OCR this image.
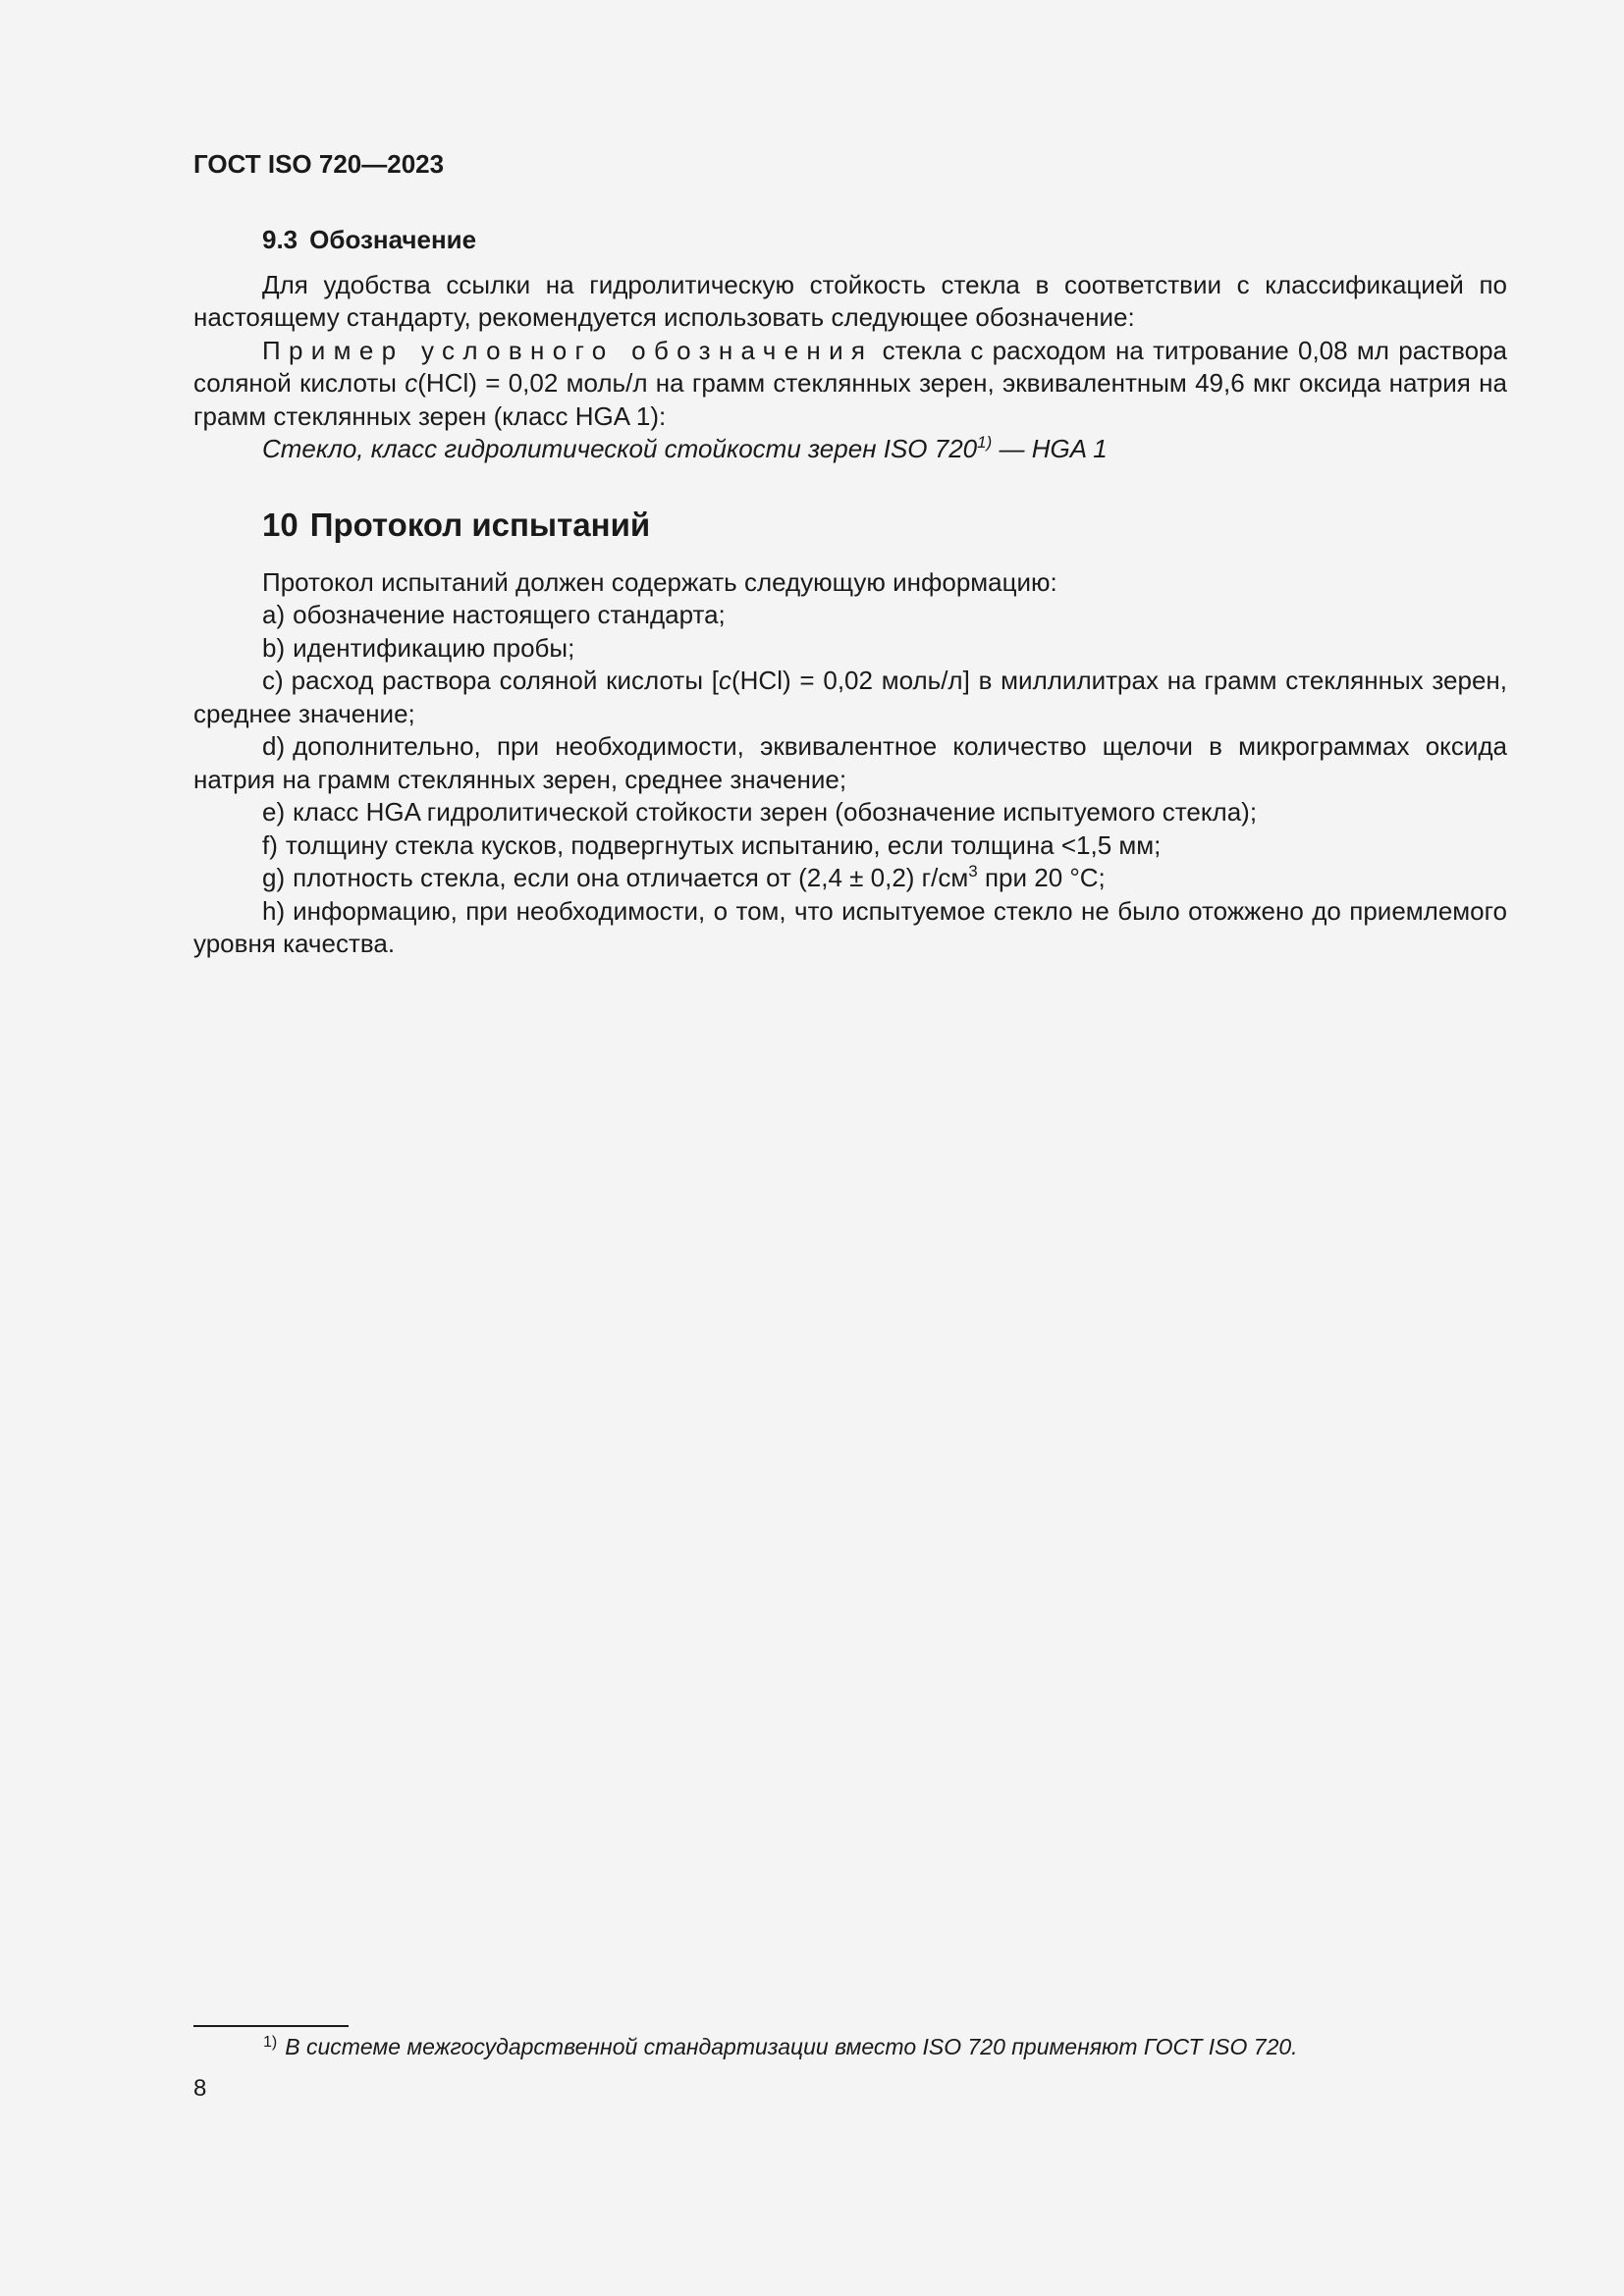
ГОСТ ISO 720—2023
9.3 Обозначение

Для удобства ссылки на гидролитическую стойкость стекла в соответствии с классификацией по настоящему стандарту, рекомендуется использовать следующее обозначение:

Пример условного обозначения стекла с расходом на титрование 0,08 мл раствора соляной кислоты c(HCl) = 0,02 моль/л на грамм стеклянных зерен, эквивалентным 49,6 мкг оксида натрия на грамм стеклянных зерен (класс HGA 1):

Стекло, класс гидролитической стойкости зерен ISO 720$^{1)}$ — HGA 1

10 Протокол испытаний

Протокол испытаний должен содержать следующую информацию:

a) обозначение настоящего стандарта;

b) идентификацию пробы;

c) расход раствора соляной кислоты [c(HCl) = 0,02 моль/л] в миллилитрах на грамм стеклянных зерен, среднее значение;

d) дополнительно, при необходимости, эквивалентное количество щелочи в микрограммах оксида натрия на грамм стеклянных зерен, среднее значение;

e) класс HGA гидролитической стойкости зерен (обозначение испытуемого стекла);

f) толщину стекла кусков, подвергнутых испытанию, если толщина <1,5 мм;

g) плотность стекла, если она отличается от (2,4 ± 0,2) $г/см^3$ при 20 °С;

h) информацию, при необходимости, о том, что испытуемое стекло не было отожжено до приемлемого уровня качества.

$^{1)}$ В системе межгосударственной стандартизации вместо ISO 720 применяют ГОСТ ISO 720.
8
